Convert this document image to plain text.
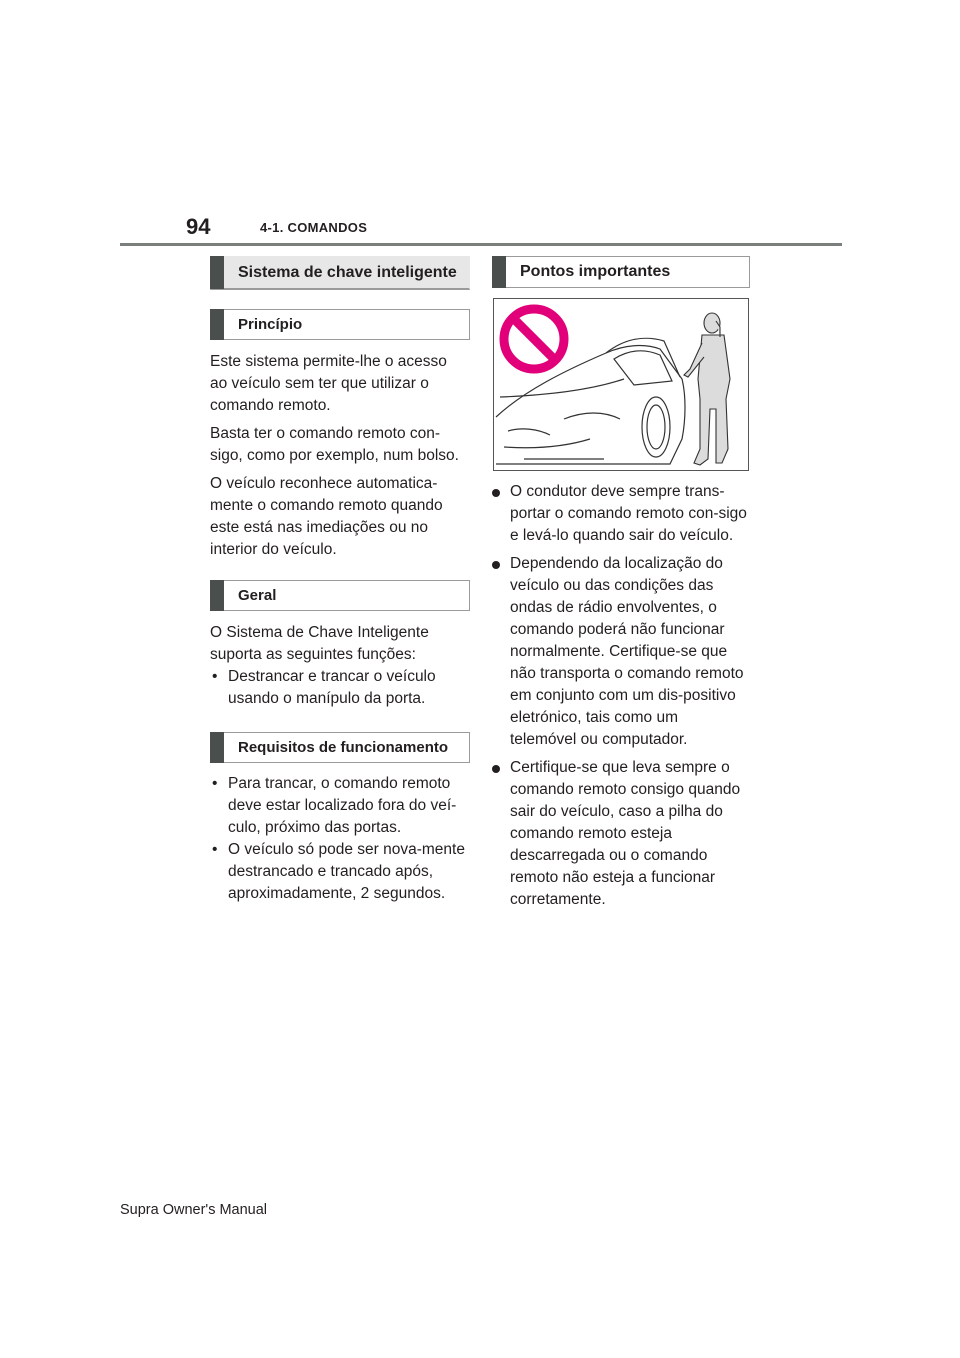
94	4-1. COMANDOS
Sistema de chave inteligente
Princípio

Este sistema permite-lhe o acesso ao veículo sem ter que utilizar o comando remoto.

Basta ter o comando remoto con-sigo, como por exemplo, num bolso.

O veículo reconhece automatica-mente o comando remoto quando este está nas imediações ou no interior do veículo.

Geral

O Sistema de Chave Inteligente suporta as seguintes funções:

• Destrancar e trancar o veículo usando o manípulo da porta.
Requisitos de funcionamento
• Para trancar, o comando remoto deve estar localizado fora do veí-culo, próximo das portas.
• O veículo só pode ser nova-mente destrancado e trancado após, aproximadamente, 2 segundos.
Pontos importantes
O condutor deve sempre trans-portar o comando remoto con-sigo e levá-lo quando sair do veículo.
Dependendo da localização do veículo ou das condições das ondas de rádio envolventes, o comando poderá não funcionar normalmente. Certifique-se que não transporta o comando remoto em conjunto com um dis-positivo eletrónico, tais como um telemóvel ou computador.
Certifique-se que leva sempre o comando remoto consigo quando sair do veículo, caso a pilha do comando remoto esteja descarregada ou o comando remoto não esteja a funcionar corretamente.
Supra Owner's Manual
